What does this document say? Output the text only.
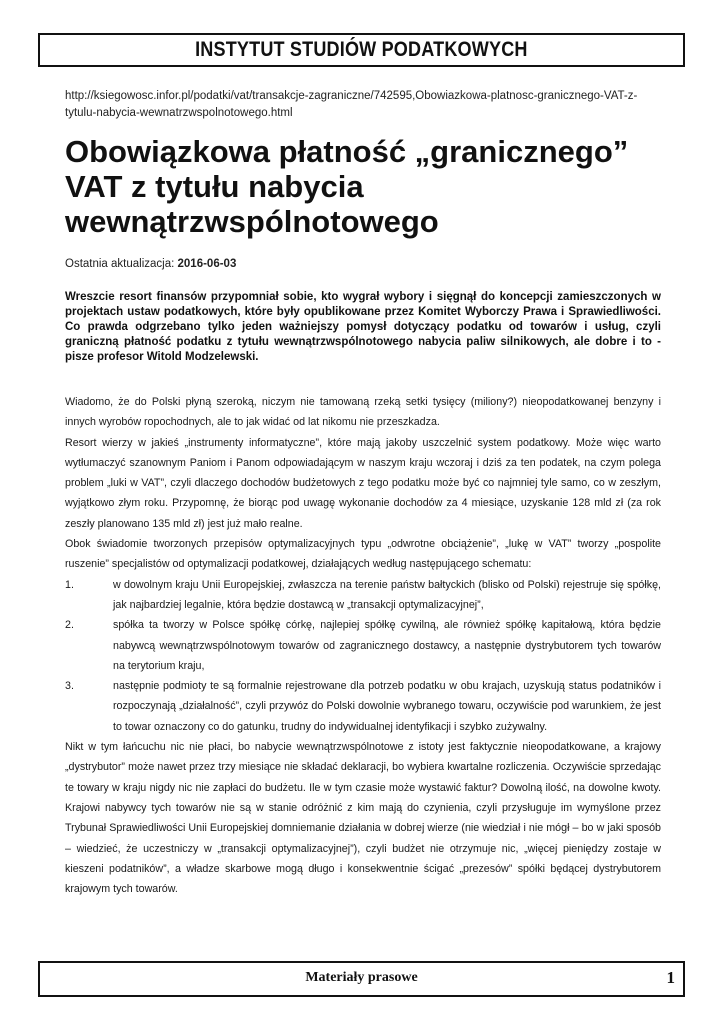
INSTYTUT STUDIÓW PODATKOWYCH
http://ksiegowosc.infor.pl/podatki/vat/transakcje-zagraniczne/742595,Obowiazkowa-platnosc-granicznego-VAT-z-tytulu-nabycia-wewnatrzwspolnotowego.html
Obowiązkowa płatność „granicznego” VAT z tytułu nabycia wewnątrzwspólnotowego
Ostatnia aktualizacja: 2016-06-03
Wreszcie resort finansów przypomniał sobie, kto wygrał wybory i sięgnął do koncepcji zamieszczonych w projektach ustaw podatkowych, które były opublikowane przez Komitet Wyborczy Prawa i Sprawiedliwości. Co prawda odgrzebano tylko jeden ważniejszy pomysł dotyczący podatku od towarów i usług, czyli graniczną płatność podatku z tytułu wewnątrzwspólnotowego nabycia paliw silnikowych, ale dobre i to - pisze profesor Witold Modzelewski.

Wiadomo, że do Polski płyną szeroką, niczym nie tamowaną rzeką setki tysięcy (miliony?) nieopodatkowanej benzyny i innych wyrobów ropochodnych, ale to jak widać od lat nikomu nie przeszkadza.

Resort wierzy w jakieś „instrumenty informatyczne”, które mają jakoby uszczelnić system podatkowy. Może więc warto wytłumaczyć szanownym Paniom i Panom odpowiadającym w naszym kraju wczoraj i dziś za ten podatek, na czym polega problem „luki w VAT”, czyli dlaczego dochodów budżetowych z tego podatku może być co najmniej tyle samo, co w zeszłym, wyjątkowo złym roku. Przypomnę, że biorąc pod uwagę wykonanie dochodów za 4 miesiące, uzyskanie 128 mld zł (za rok zeszły planowano 135 mld zł) jest już mało realne.

Obok świadomie tworzonych przepisów optymalizacyjnych typu „odwrotne obciążenie”, „lukę w VAT” tworzy „pospolite ruszenie” specjalistów od optymalizacji podatkowej, działających według następującego schematu:

1.	w dowolnym kraju Unii Europejskiej, zwłaszcza na terenie państw bałtyckich (blisko od Polski) rejestruje się spółkę, jak najbardziej legalnie, która będzie dostawcą w „transakcji optymalizacyjnej”,
2.	spółka ta tworzy w Polsce spółkę córkę, najlepiej spółkę cywilną, ale również spółkę kapitałową, która będzie nabywcą wewnątrzwspólnotowym towarów od zagranicznego dostawcy, a następnie dystrybutorem tych towarów na terytorium kraju,
3.	następnie podmioty te są formalnie rejestrowane dla potrzeb podatku w obu krajach, uzyskują status podatników i rozpoczynają „działalność”, czyli przywóz do Polski dowolnie wybranego towaru, oczywiście pod warunkiem, że jest to towar oznaczony co do gatunku, trudny do indywidualnej identyfikacji i szybko zużywalny.

Nikt w tym łańcuchu nic nie płaci, bo nabycie wewnątrzwspólnotowe z istoty jest faktycznie nieopodatkowane, a krajowy „dystrybutor” może nawet przez trzy miesiące nie składać deklaracji, bo wybiera kwartalne rozliczenia. Oczywiście sprzedając te towary w kraju nigdy nic nie zapłaci do budżetu. Ile w tym czasie może wystawić faktur? Dowolną ilość, na dowolne kwoty. Krajowi nabywcy tych towarów nie są w stanie odróżnić z kim mają do czynienia, czyli przysługuje im wymyślone przez Trybunał Sprawiedliwości Unii Europejskiej domniemanie działania w dobrej wierze (nie wiedział i nie mógł – bo w jaki sposób – wiedzieć, że uczestniczy w „transakcji optymalizacyjnej”), czyli budżet nie otrzymuje nic, „więcej pieniędzy zostaje w kieszeni podatników”, a władze skarbowe mogą długo i konsekwentnie ścigać „prezesów” spółki będącej dystrybutorem krajowym tych towarów.

Materiały prasowe	1
